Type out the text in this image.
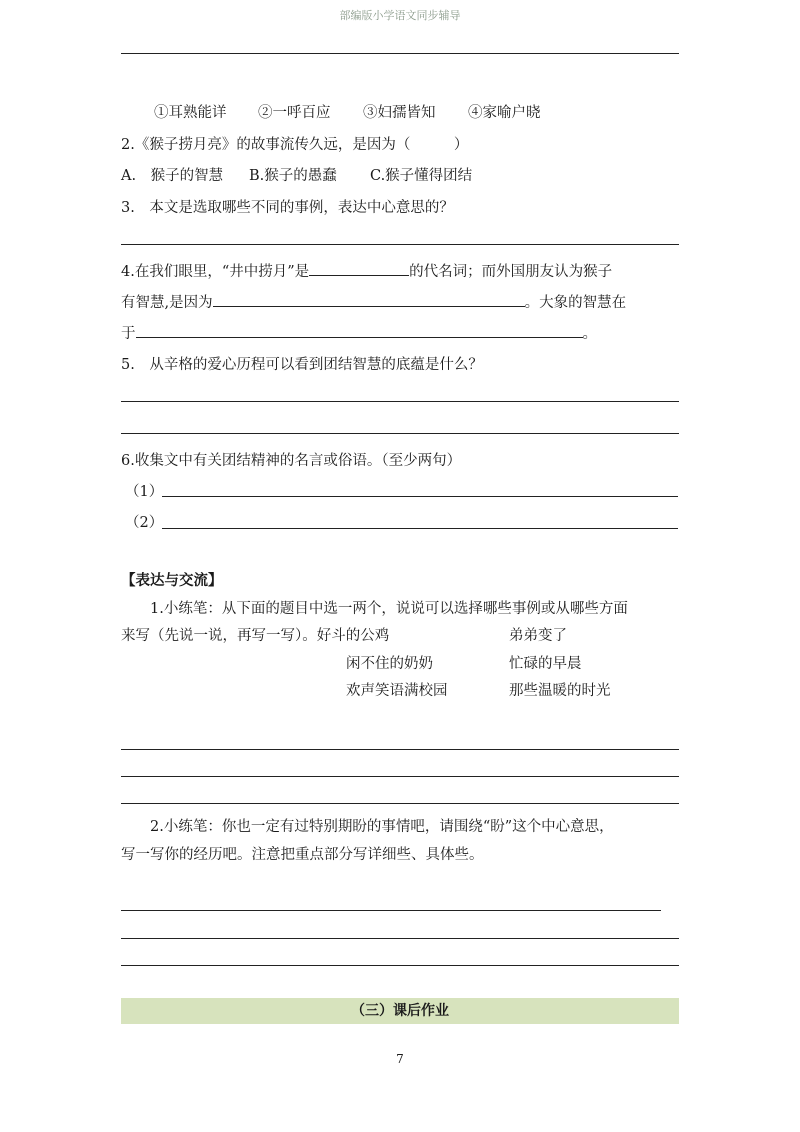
部编版小学语文同步辅导
①耳熟能详 ②一呼百应 ③妇孺皆知 ④家喻户晓
2.《猴子捞月亮》的故事流传久远，是因为（　　　）
A.　猴子的智慧 B.猴子的愚蠢 C.猴子懂得团结
3.　本文是选取哪些不同的事例，表达中心意思的？
4.在我们眼里，“井中捞月”是	的代名词；而外国朋友认为猴子
有智慧,是因为	。大象的智慧在
于	。
5.　从辛格的爱心历程可以看到团结智慧的底蕴是什么？
6.收集文中有关团结精神的名言或俗语。（至少两句）
（1）
（2）
【表达与交流】
1.小练笔：从下面的题目中选一两个，说说可以选择哪些事例或从哪些方面
来写（先说一说，再写一写）。好斗的公鸡	弟弟变了
闲不住的奶奶	忙碌的早晨
欢声笑语满校园	那些温暖的时光
2.小练笔：你也一定有过特别期盼的事情吧，请围绕“盼”这个中心意思，
写一写你的经历吧。注意把重点部分写详细些、具体些。
（三）课后作业
7
